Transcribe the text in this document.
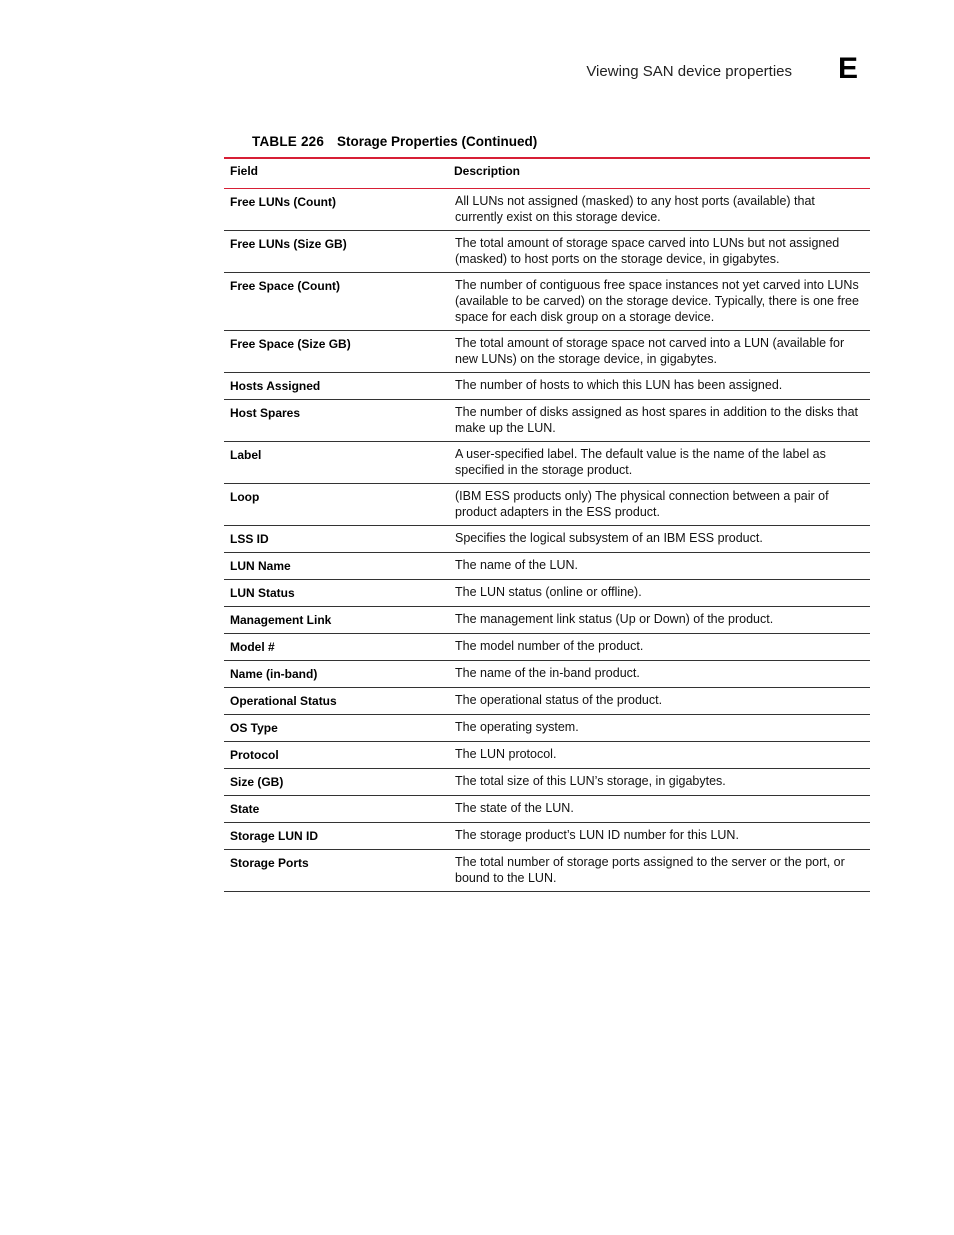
Viewing SAN device properties E
TABLE 226 Storage Properties (Continued)
Field	Description
Free LUNs (Count)	All LUNs not assigned (masked) to any host ports (available) that currently exist on this storage device.
Free LUNs (Size GB)	The total amount of storage space carved into LUNs but not assigned (masked) to host ports on the storage device, in gigabytes.
Free Space (Count)	The number of contiguous free space instances not yet carved into LUNs (available to be carved) on the storage device. Typically, there is one free space for each disk group on a storage device.
Free Space (Size GB)	The total amount of storage space not carved into a LUN (available for new LUNs) on the storage device, in gigabytes.
Hosts Assigned	The number of hosts to which this LUN has been assigned.
Host Spares	The number of disks assigned as host spares in addition to the disks that make up the LUN.
Label	A user-specified label. The default value is the name of the label as specified in the storage product.
Loop	(IBM ESS products only) The physical connection between a pair of product adapters in the ESS product.
LSS ID	Specifies the logical subsystem of an IBM ESS product.
LUN Name	The name of the LUN.
LUN Status	The LUN status (online or offline).
Management Link	The management link status (Up or Down) of the product.
Model #	The model number of the product.
Name (in-band)	The name of the in-band product.
Operational Status	The operational status of the product.
OS Type	The operating system.
Protocol	The LUN protocol.
Size (GB)	The total size of this LUN’s storage, in gigabytes.
State	The state of the LUN.
Storage LUN ID	The storage product’s LUN ID number for this LUN.
Storage Ports	The total number of storage ports assigned to the server or the port, or bound to the LUN.
